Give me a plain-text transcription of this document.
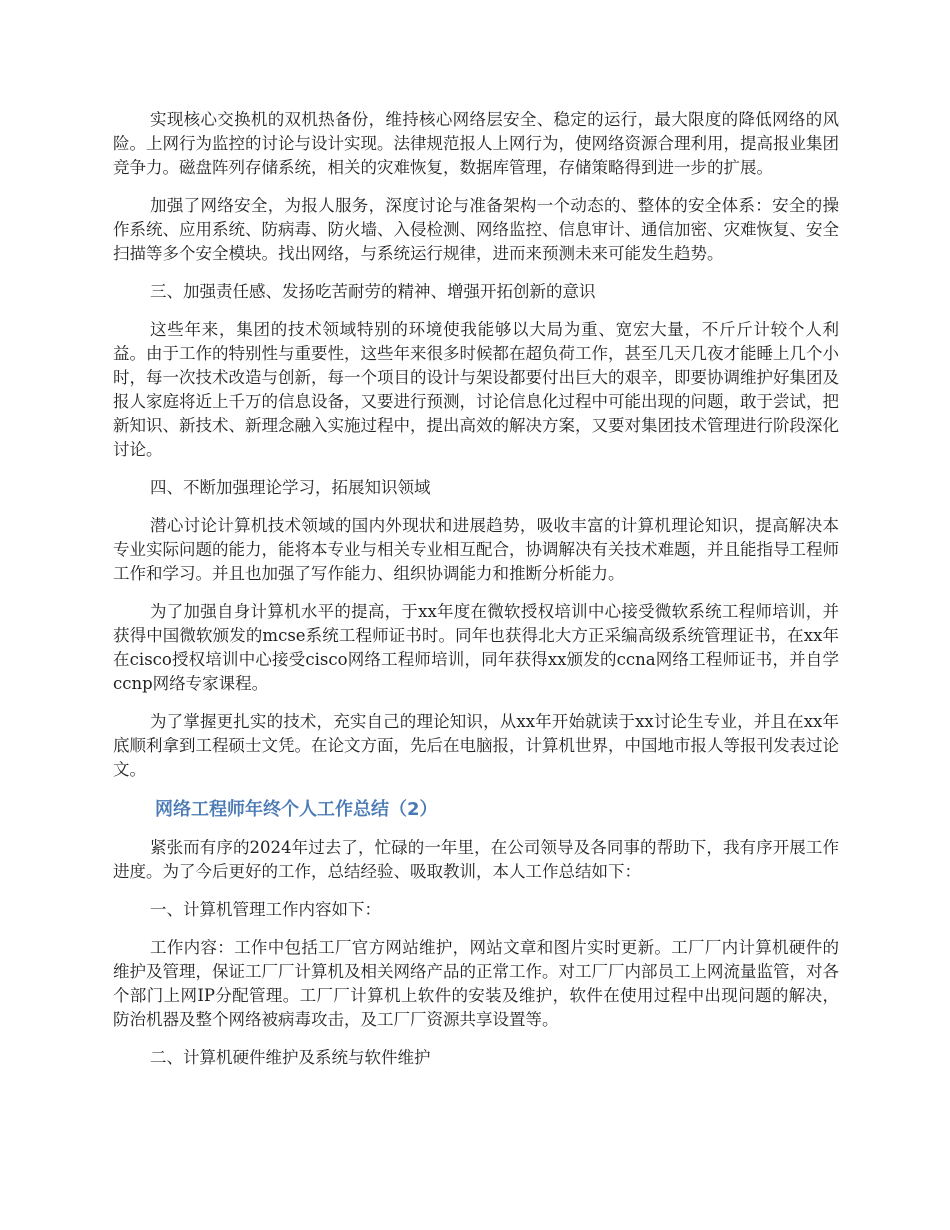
实现核心交换机的双机热备份，维持核心网络层安全、稳定的运行，最大限度的降低网络的风险。上网行为监控的讨论与设计实现。法律规范报人上网行为，使网络资源合理利用，提高报业集团竞争力。磁盘阵列存储系统，相关的灾难恢复，数据库管理，存储策略得到进一步的扩展。

加强了网络安全，为报人服务，深度讨论与准备架构一个动态的、整体的安全体系：安全的操作系统、应用系统、防病毒、防火墙、入侵检测、网络监控、信息审计、通信加密、灾难恢复、安全扫描等多个安全模块。找出网络，与系统运行规律，进而来预测未来可能发生趋势。

三、加强责任感、发扬吃苦耐劳的精神、增强开拓创新的意识

这些年来，集团的技术领域特别的环境使我能够以大局为重、宽宏大量，不斤斤计较个人利益。由于工作的特别性与重要性，这些年来很多时候都在超负荷工作，甚至几天几夜才能睡上几个小时，每一次技术改造与创新，每一个项目的设计与架设都要付出巨大的艰辛，即要协调维护好集团及报人家庭将近上千万的信息设备，又要进行预测，讨论信息化过程中可能出现的问题，敢于尝试，把新知识、新技术、新理念融入实施过程中，提出高效的解决方案，又要对集团技术管理进行阶段深化讨论。

四、不断加强理论学习，拓展知识领域

潜心讨论计算机技术领域的国内外现状和进展趋势，吸收丰富的计算机理论知识，提高解决本专业实际问题的能力，能将本专业与相关专业相互配合，协调解决有关技术难题，并且能指导工程师工作和学习。并且也加强了写作能力、组织协调能力和推断分析能力。

为了加强自身计算机水平的提高，于xx年度在微软授权培训中心接受微软系统工程师培训，并获得中国微软颁发的mcse系统工程师证书时。同年也获得北大方正采编高级系统管理证书，在xx年在cisco授权培训中心接受cisco网络工程师培训，同年获得xx颁发的ccna网络工程师证书，并自学ccnp网络专家课程。

为了掌握更扎实的技术，充实自己的理论知识，从xx年开始就读于xx讨论生专业，并且在xx年底顺利拿到工程硕士文凭。在论文方面，先后在电脑报，计算机世界，中国地市报人等报刊发表过论文。

网络工程师年终个人工作总结（2）

紧张而有序的2024年过去了，忙碌的一年里，在公司领导及各同事的帮助下，我有序开展工作进度。为了今后更好的工作，总结经验、吸取教训，本人工作总结如下：

一、计算机管理工作内容如下：

工作内容：工作中包括工厂官方网站维护，网站文章和图片实时更新。工厂厂内计算机硬件的维护及管理，保证工厂厂计算机及相关网络产品的正常工作。对工厂厂内部员工上网流量监管，对各个部门上网IP分配管理。工厂厂计算机上软件的安装及维护，软件在使用过程中出现问题的解决，防治机器及整个网络被病毒攻击，及工厂厂资源共享设置等。

二、计算机硬件维护及系统与软件维护
